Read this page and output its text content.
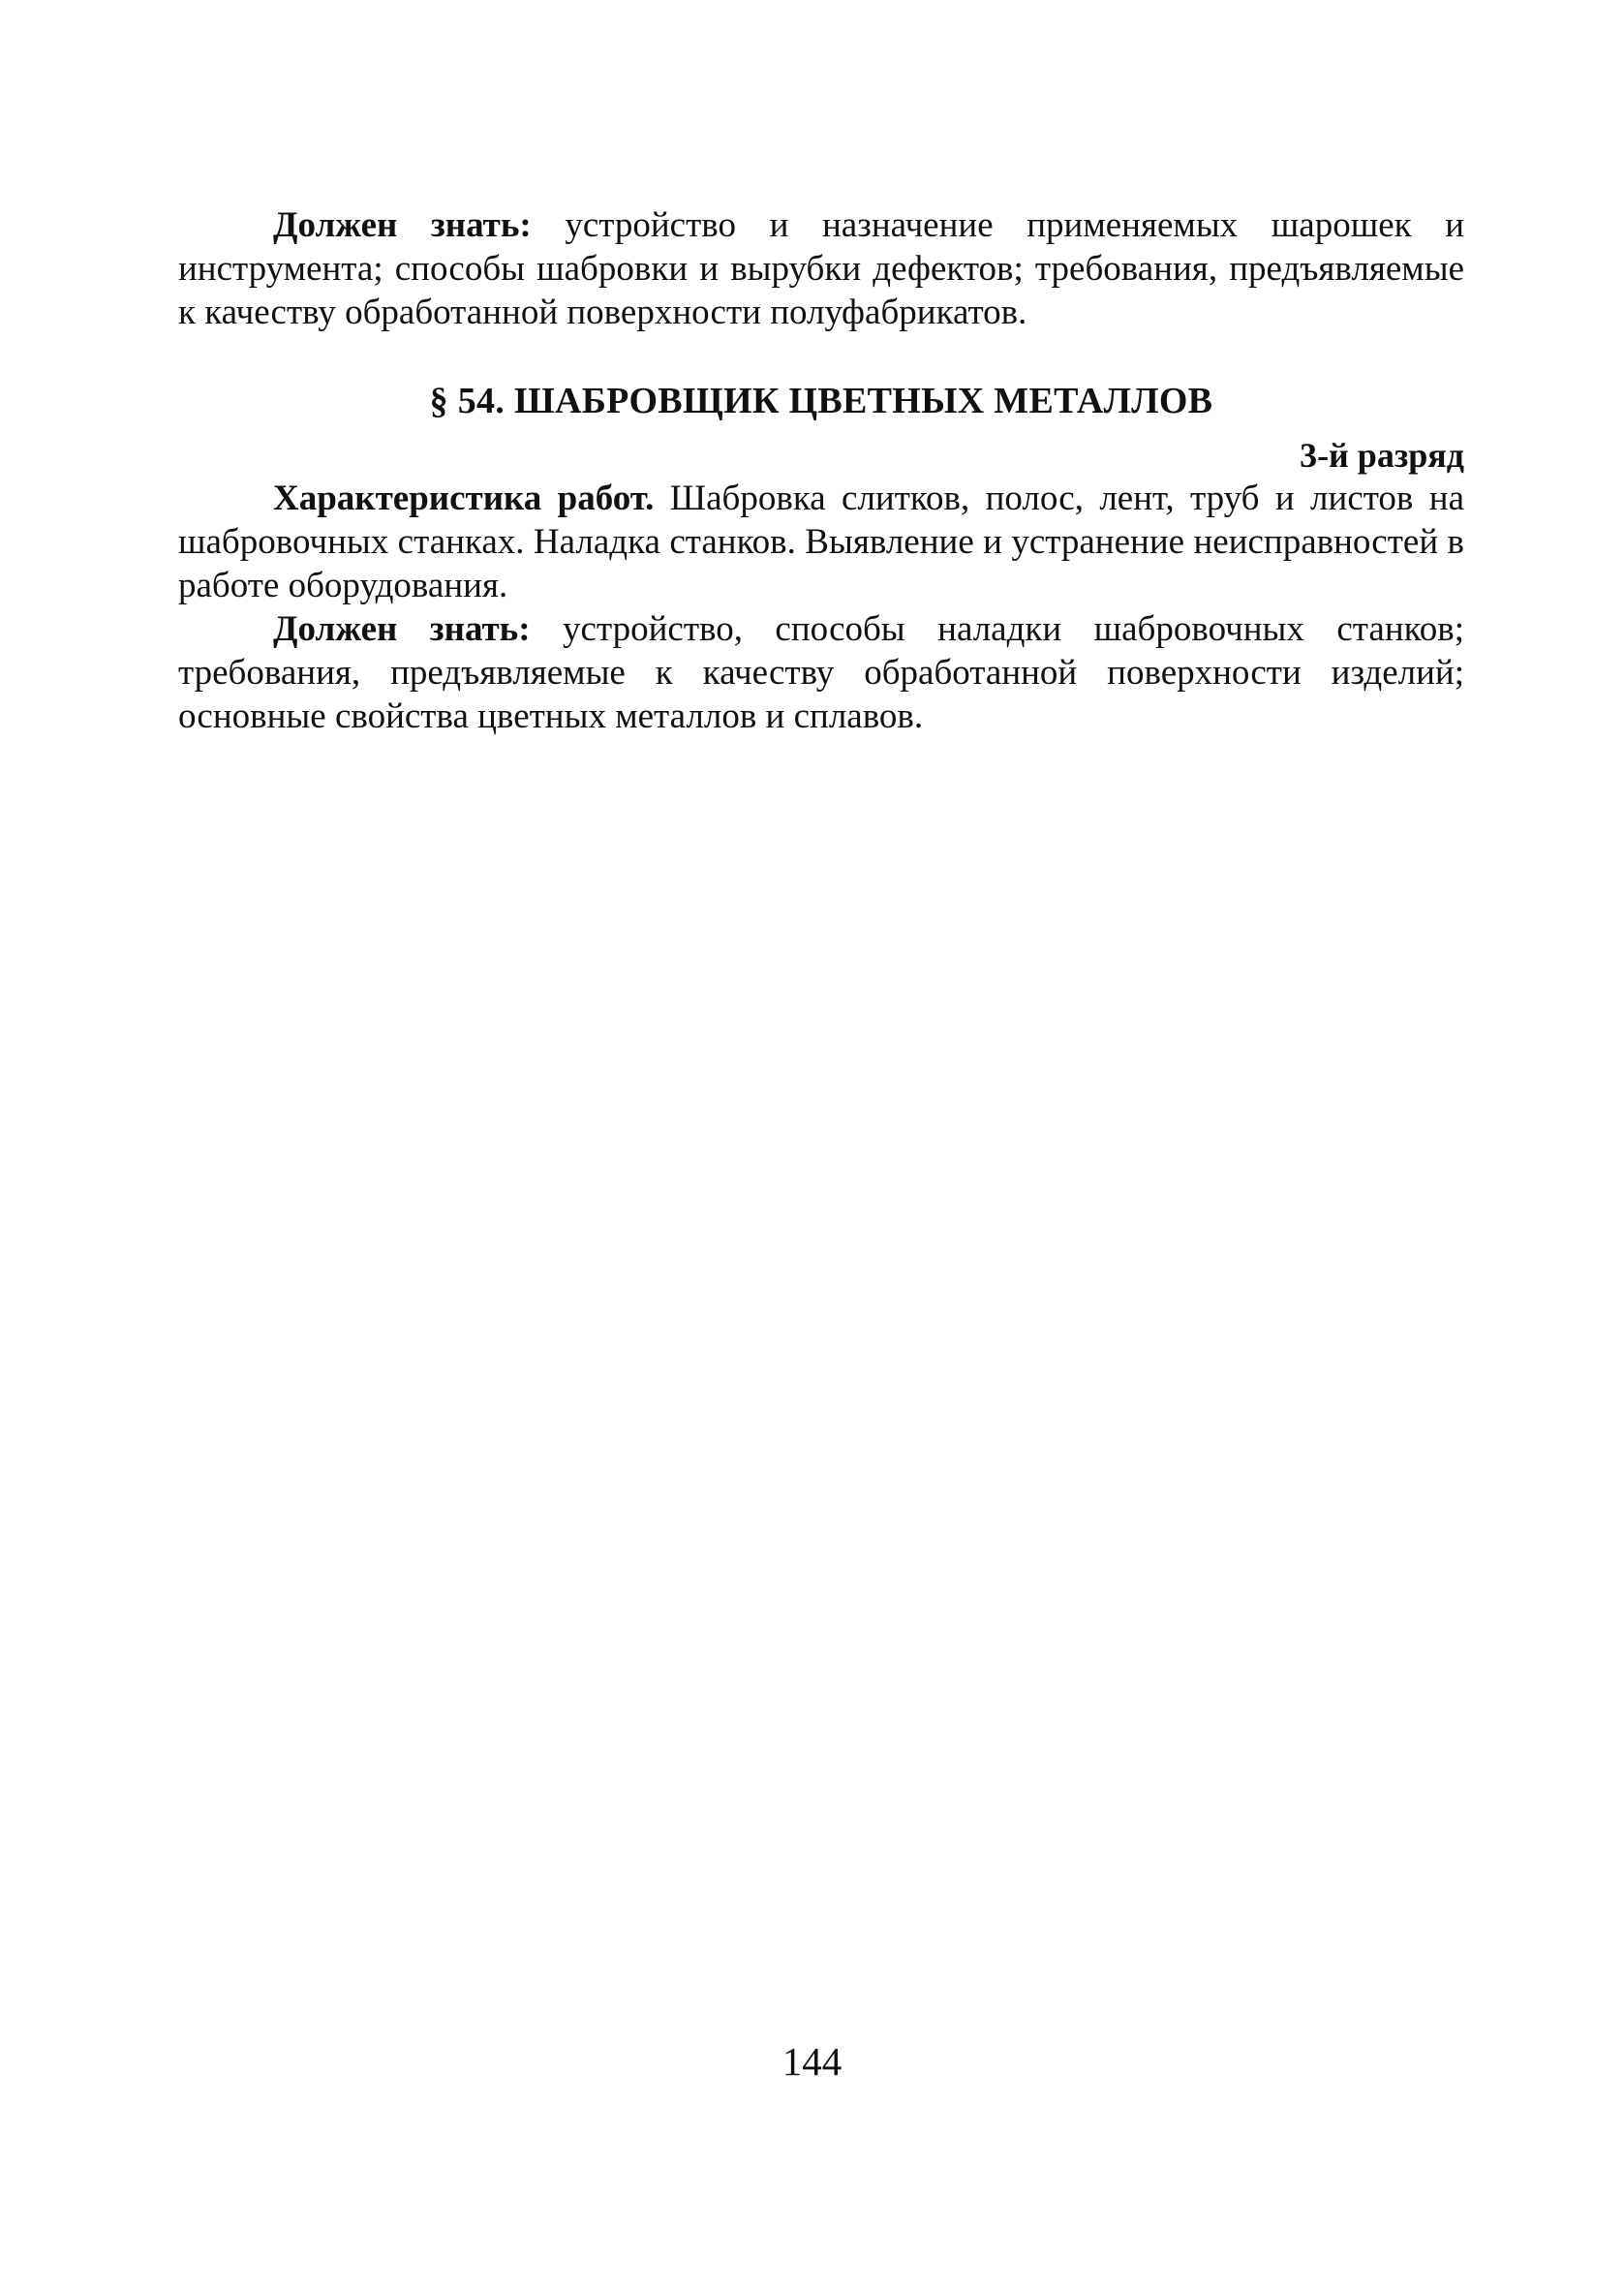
Должен знать: устройство и назначение применяемых шарошек и инструмента; способы шабровки и вырубки дефектов; требования, предъявляемые к качеству обработанной поверхности полуфабрикатов.

§ 54. ШАБРОВЩИК ЦВЕТНЫХ МЕТАЛЛОВ
3-й разряд

Характеристика работ. Шабровка слитков, полос, лент, труб и листов на шабровочных станках. Наладка станков. Выявление и устранение неисправностей в работе оборудования.

Должен знать: устройство, способы наладки шабровочных станков; требования, предъявляемые к качеству обработанной поверхности изделий; основные свойства цветных металлов и сплавов.

144
